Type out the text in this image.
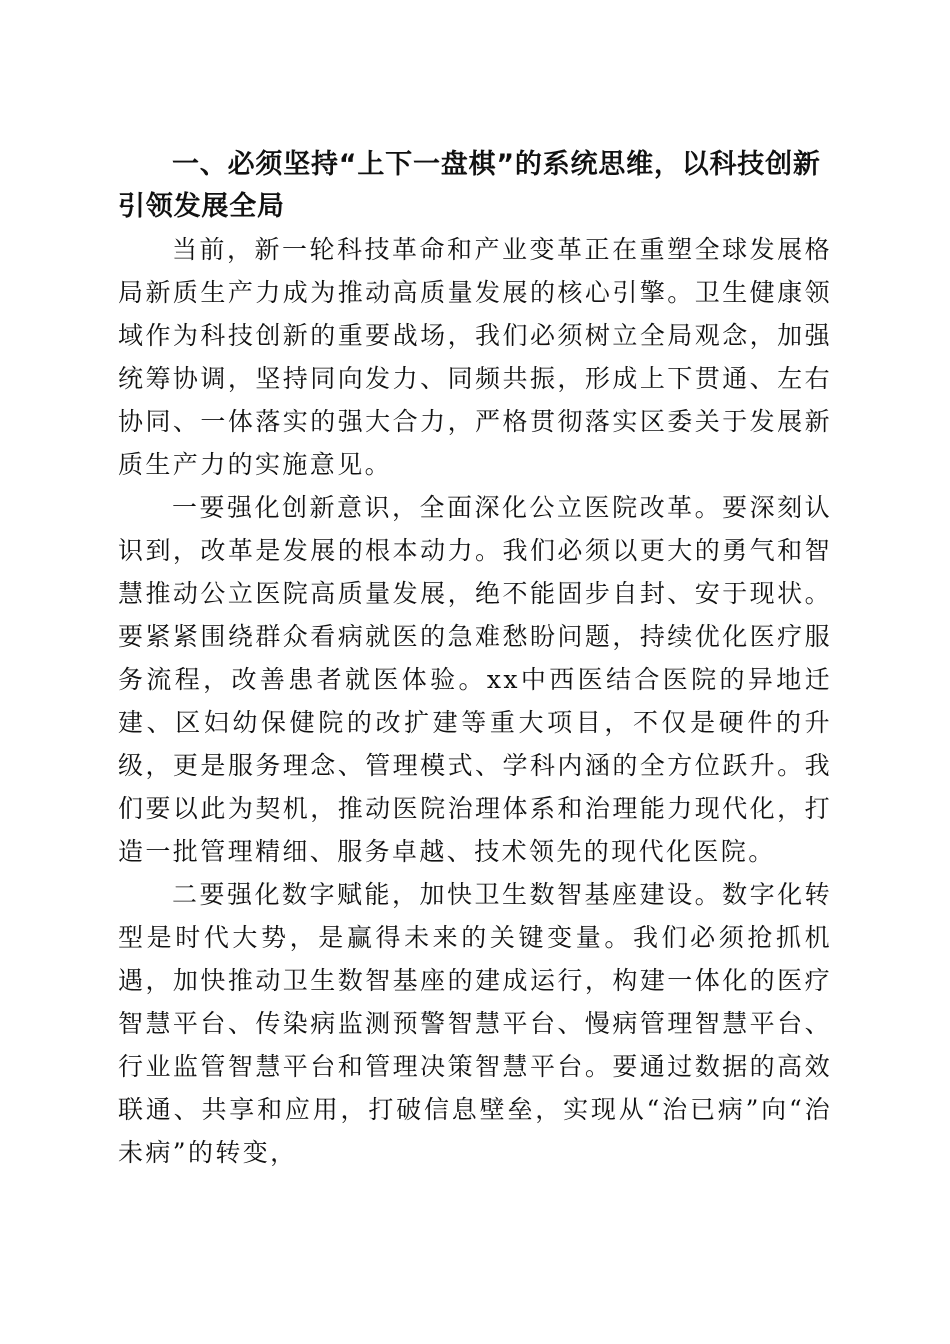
一、必须坚持“上下一盘棋”的系统思维，以科技创新引领发展全局

当前，新一轮科技革命和产业变革正在重塑全球发展格局新质生产力成为推动高质量发展的核心引擎。卫生健康领域作为科技创新的重要战场，我们必须树立全局观念，加强统筹协调，坚持同向发力、同频共振，形成上下贯通、左右协同、一体落实的强大合力，严格贯彻落实区委关于发展新质生产力的实施意见。

一要强化创新意识，全面深化公立医院改革。要深刻认识到，改革是发展的根本动力。我们必须以更大的勇气和智慧推动公立医院高质量发展，绝不能固步自封、安于现状。要紧紧围绕群众看病就医的急难愁盼问题，持续优化医疗服务流程，改善患者就医体验。xx中西医结合医院的异地迁建、区妇幼保健院的改扩建等重大项目，不仅是硬件的升级，更是服务理念、管理模式、学科内涵的全方位跃升。我们要以此为契机，推动医院治理体系和治理能力现代化，打造一批管理精细、服务卓越、技术领先的现代化医院。

二要强化数字赋能，加快卫生数智基座建设。数字化转型是时代大势，是赢得未来的关键变量。我们必须抢抓机遇，加快推动卫生数智基座的建成运行，构建一体化的医疗智慧平台、传染病监测预警智慧平台、慢病管理智慧平台、行业监管智慧平台和管理决策智慧平台。要通过数据的高效联通、共享和应用，打破信息壁垒，实现从“治已病”向“治未病”的转变，
